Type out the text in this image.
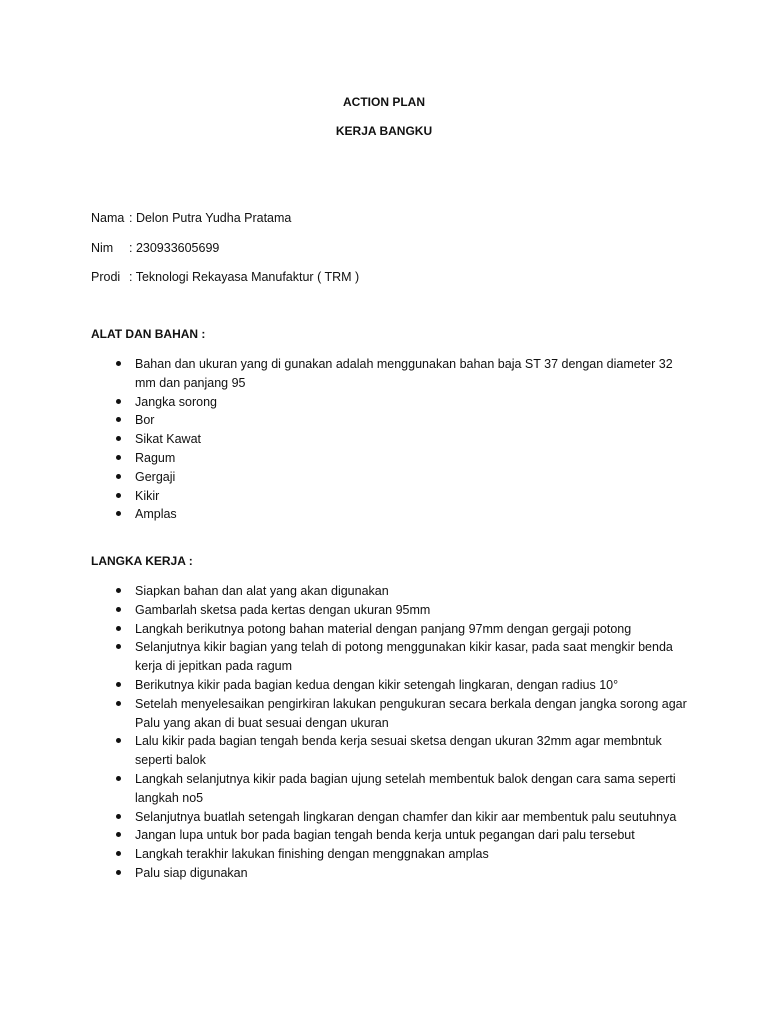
ACTION PLAN
KERJA BANGKU
Nama : Delon Putra Yudha Pratama
Nim : 230933605699
Prodi : Teknologi Rekayasa Manufaktur ( TRM )
ALAT DAN BAHAN :
Bahan dan ukuran yang di gunakan adalah menggunakan bahan baja ST 37 dengan diameter 32 mm dan panjang 95
Jangka sorong
Bor
Sikat Kawat
Ragum
Gergaji
Kikir
Amplas
LANGKA KERJA :
Siapkan bahan dan alat yang akan digunakan
Gambarlah sketsa pada kertas dengan ukuran 95mm
Langkah berikutnya potong bahan material dengan panjang 97mm dengan gergaji potong
Selanjutnya kikir bagian yang telah di potong menggunakan kikir kasar, pada saat mengkir benda kerja di jepitkan pada ragum
Berikutnya kikir pada bagian kedua dengan kikir setengah lingkaran, dengan radius 10°
Setelah menyelesaikan pengirkiran lakukan pengukuran secara berkala dengan jangka sorong agar Palu yang akan di buat sesuai dengan ukuran
Lalu kikir pada bagian tengah benda kerja sesuai sketsa dengan ukuran 32mm agar membntuk seperti balok
Langkah selanjutnya kikir pada bagian ujung setelah membentuk balok dengan cara sama seperti langkah no5
Selanjutnya buatlah setengah lingkaran dengan chamfer dan kikir aar membentuk palu seutuhnya
Jangan lupa untuk bor pada bagian tengah benda kerja untuk pegangan dari palu tersebut
Langkah terakhir lakukan finishing dengan menggnakan amplas
Palu siap digunakan
